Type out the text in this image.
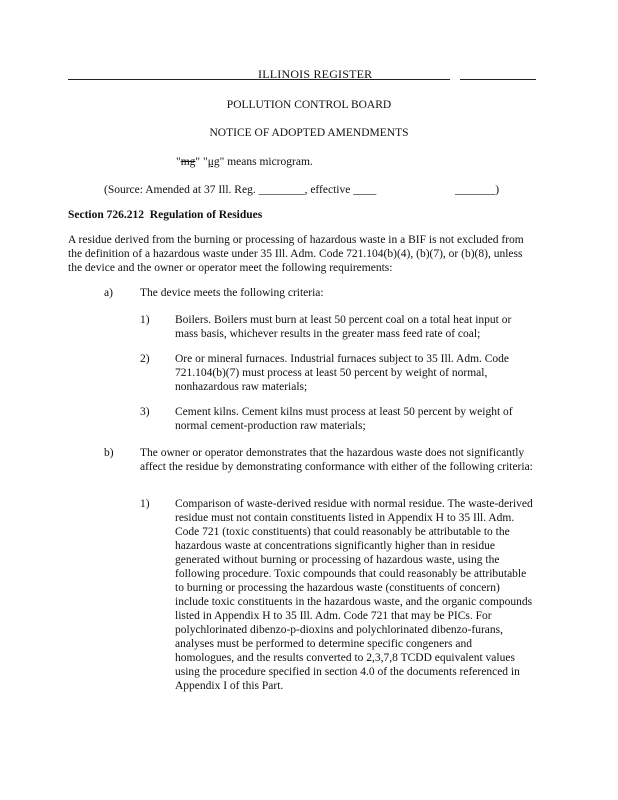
ILLINOIS REGISTER
POLLUTION CONTROL BOARD
NOTICE OF ADOPTED AMENDMENTS
"mg" "μg" means microgram.
(Source: Amended at 37 Ill. Reg. ________, effective ____	_______)
Section 726.212 Regulation of Residues
A residue derived from the burning or processing of hazardous waste in a BIF is not excluded from the definition of a hazardous waste under 35 Ill. Adm. Code 721.104(b)(4), (b)(7), or (b)(8), unless the device and the owner or operator meet the following requirements:
a) The device meets the following criteria:
1) Boilers. Boilers must burn at least 50 percent coal on a total heat input or mass basis, whichever results in the greater mass feed rate of coal;
2) Ore or mineral furnaces. Industrial furnaces subject to 35 Ill. Adm. Code 721.104(b)(7) must process at least 50 percent by weight of normal, nonhazardous raw materials;
3) Cement kilns. Cement kilns must process at least 50 percent by weight of normal cement-production raw materials;
b) The owner or operator demonstrates that the hazardous waste does not significantly affect the residue by demonstrating conformance with either of the following criteria:
1) Comparison of waste-derived residue with normal residue. The waste-derived residue must not contain constituents listed in Appendix H to 35 Ill. Adm. Code 721 (toxic constituents) that could reasonably be attributable to the hazardous waste at concentrations significantly higher than in residue generated without burning or processing of hazardous waste, using the following procedure. Toxic compounds that could reasonably be attributable to burning or processing the hazardous waste (constituents of concern) include toxic constituents in the hazardous waste, and the organic compounds listed in Appendix H to 35 Ill. Adm. Code 721 that may be PICs. For polychlorinated dibenzo-p-dioxins and polychlorinated dibenzo-furans, analyses must be performed to determine specific congeners and homologues, and the results converted to 2,3,7,8 TCDD equivalent values using the procedure specified in section 4.0 of the documents referenced in Appendix I of this Part.
